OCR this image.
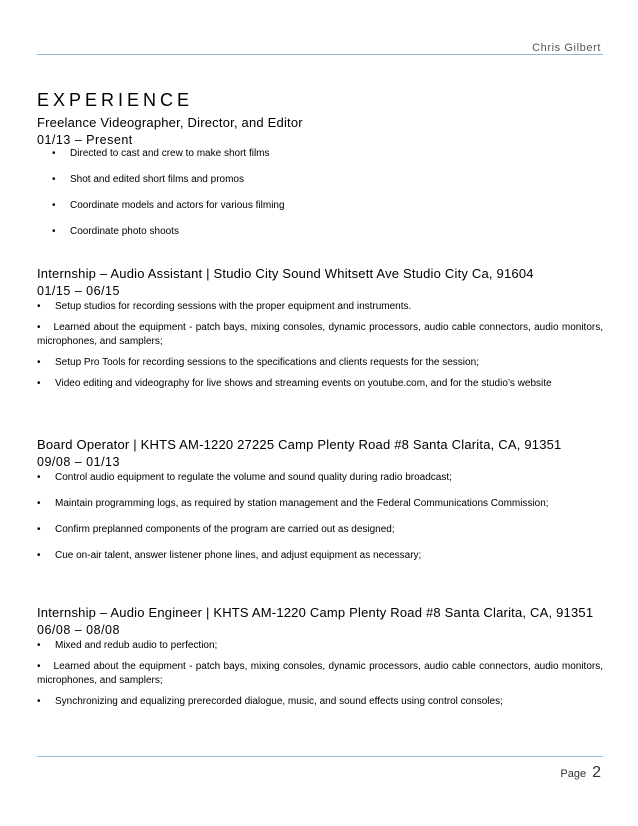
Chris Gilbert
EXPERIENCE

Freelance Videographer, Director, and Editor

01/13 – Present

• Directed to cast and crew to make short films
• Shot and edited short films and promos
• Coordinate models and actors for various filming
• Coordinate photo shoots

Internship – Audio Assistant | Studio City Sound Whitsett Ave Studio City Ca, 91604

01/15 – 06/15

• Setup studios for recording sessions with the proper equipment and instruments.
• Learned about the equipment - patch bays, mixing consoles, dynamic processors, audio cable connectors, audio monitors, microphones, and samplers;
• Setup Pro Tools for recording sessions to the specifications and clients requests for the session;
• Video editing and videography for live shows and streaming events on youtube.com, and for the studio’s website

Board Operator | KHTS AM-1220 27225 Camp Plenty Road #8 Santa Clarita, CA, 91351

09/08 – 01/13

• Control audio equipment to regulate the volume and sound quality during radio broadcast;
• Maintain programming logs, as required by station management and the Federal Communications Commission;
• Confirm preplanned components of the program are carried out as designed;
• Cue on-air talent, answer listener phone lines, and adjust equipment as necessary;

Internship – Audio Engineer | KHTS AM-1220 Camp Plenty Road #8 Santa Clarita, CA, 91351

06/08 – 08/08

• Mixed and redub audio to perfection;
• Learned about the equipment - patch bays, mixing consoles, dynamic processors, audio cable connectors, audio monitors, microphones, and samplers;
• Synchronizing and equalizing prerecorded dialogue, music, and sound effects using control consoles;
Page 2
